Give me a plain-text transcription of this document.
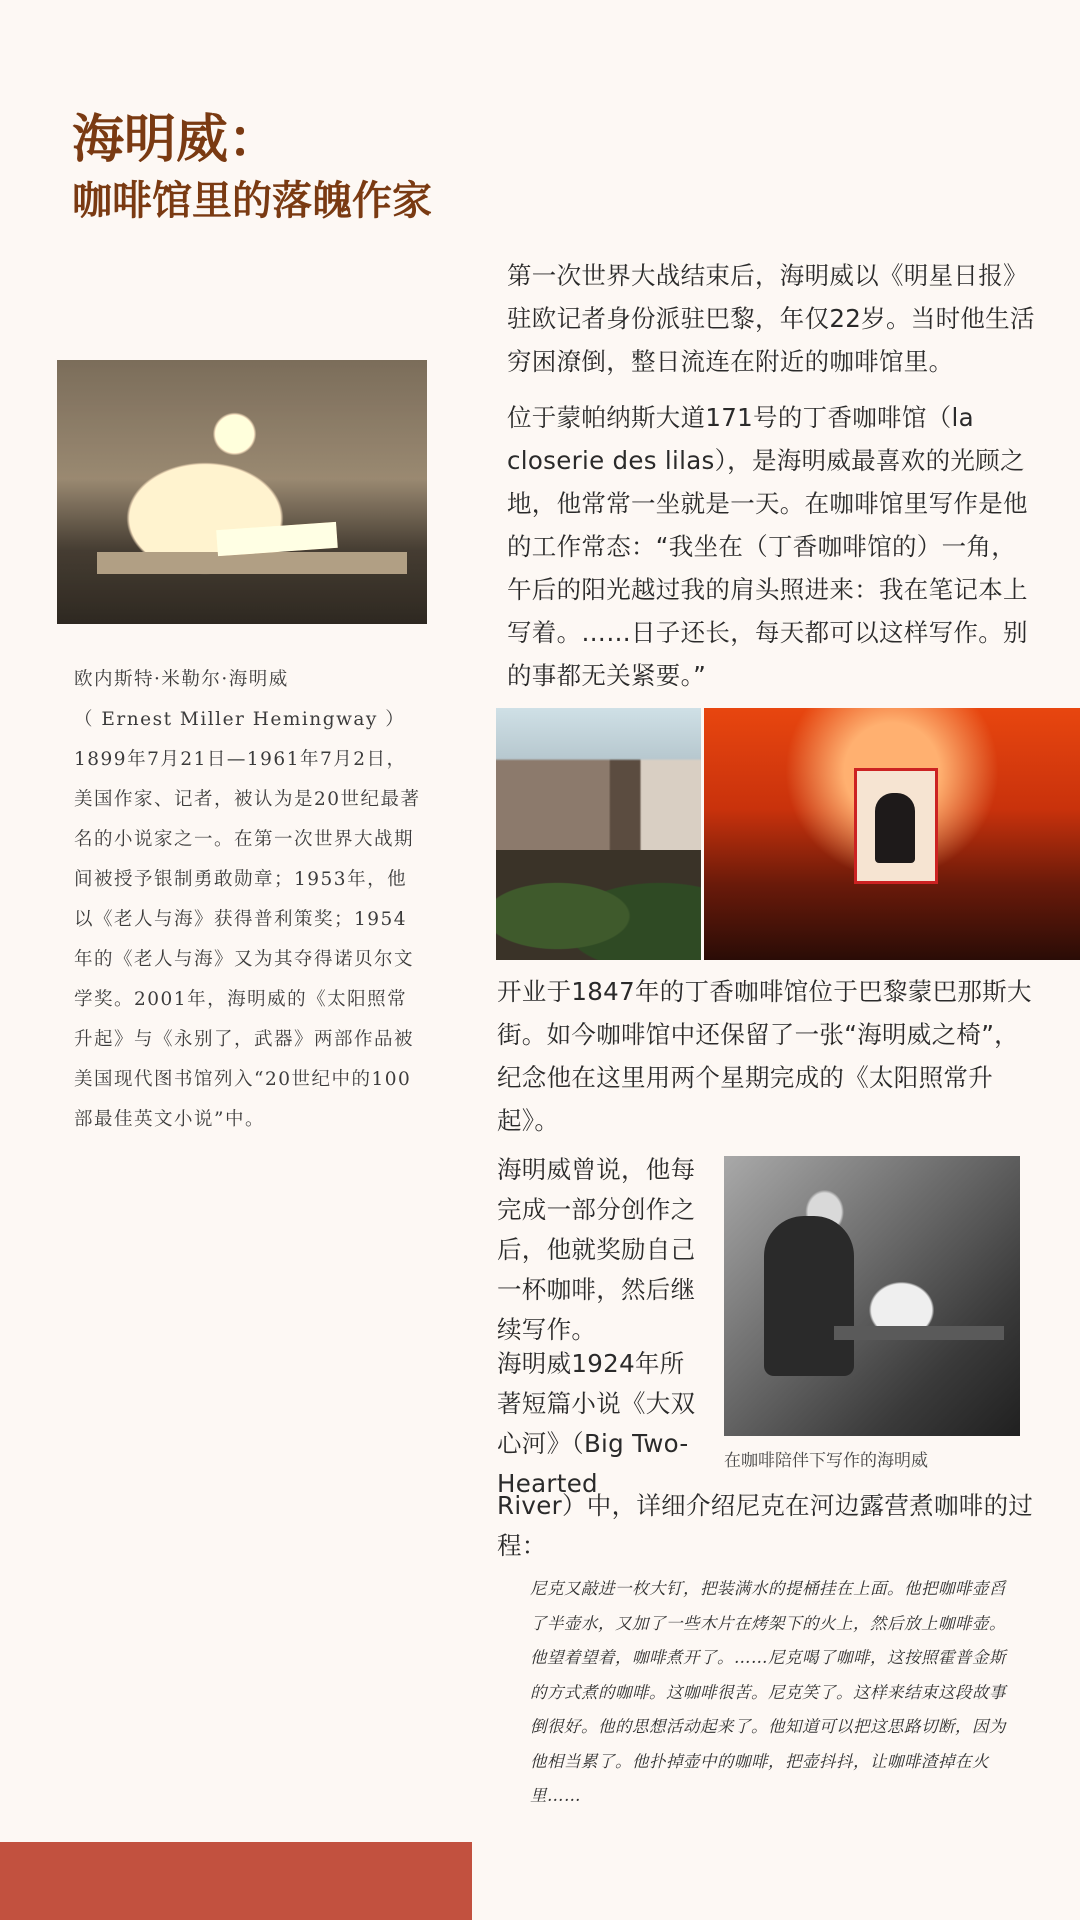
海明威：
咖啡馆里的落魄作家

第一次世界大战结束后，海明威以《明星日报》驻欧记者身份派驻巴黎，年仅22岁。当时他生活穷困潦倒，整日流连在附近的咖啡馆里。

位于蒙帕纳斯大道171号的丁香咖啡馆（la closerie des lilas），是海明威最喜欢的光顾之地，他常常一坐就是一天。在咖啡馆里写作是他的工作常态：“我坐在（丁香咖啡馆的）一角，午后的阳光越过我的肩头照进来：我在笔记本上写着。……日子还长，每天都可以这样写作。别的事都无关紧要。”

欧内斯特·米勒尔·海明威
（ Ernest Miller Hemingway ）
1899年7月21日—1961年7月2日，美国作家、记者，被认为是20世纪最著名的小说家之一。在第一次世界大战期间被授予银制勇敢勋章；1953年，他以《老人与海》获得普利策奖；1954年的《老人与海》又为其夺得诺贝尔文学奖。2001年，海明威的《太阳照常升起》与《永别了，武器》两部作品被美国现代图书馆列入“20世纪中的100部最佳英文小说”中。

开业于1847年的丁香咖啡馆位于巴黎蒙巴那斯大街。如今咖啡馆中还保留了一张“海明威之椅”，纪念他在这里用两个星期完成的《太阳照常升起》。

海明威曾说，他每完成一部分创作之后，他就奖励自己一杯咖啡，然后继续写作。

海明威1924年所著短篇小说《大双心河》（Big Two-Hearted

River）中，详细介绍尼克在河边露营煮咖啡的过程：

在咖啡陪伴下写作的海明威

尼克又敲进一枚大钉，把装满水的提桶挂在上面。他把咖啡壶舀了半壶水，又加了一些木片在烤架下的火上，然后放上咖啡壶。他望着望着，咖啡煮开了。……尼克喝了咖啡，这按照霍普金斯的方式煮的咖啡。这咖啡很苦。尼克笑了。这样来结束这段故事倒很好。他的思想活动起来了。他知道可以把这思路切断，因为他相当累了。他扑掉壶中的咖啡，把壶抖抖，让咖啡渣掉在火里……
